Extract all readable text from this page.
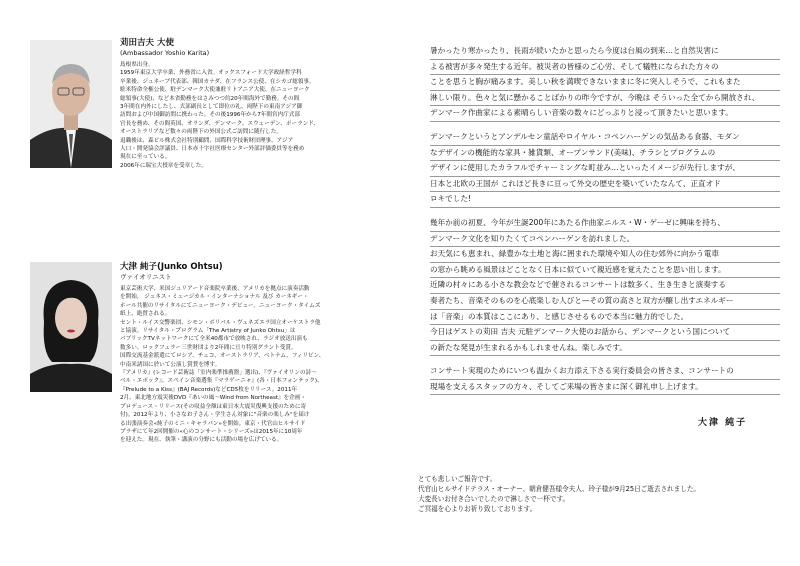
苅田吉夫 大使

(Ambassador Yoshio Karita)

島根県出身。
1959年東京大学卒業、外務省に入省。オックスフォード大学政経哲学科
卒業後、ジュネーブ代表部、韓国カナダ、在フランス公使、在シカゴ総領事、
駐米特命全権公使、駐デンマーク大使兼駐リトアニア大使、在ニューヨーク
総領事(大使)、など本省勤務をはさみつつ約20年間海外で勤務。その間
3年間在内外にしたし、式部副長として即位の礼、両陛下の東南アジア御
訪問および中国御訪問に携わった。その後1996年から7年間宮内庁式部
官長を務め、その間英国、オランダ、デンマーク、スウェーデン、ポーランド、
オーストラリアなど数々の両陛下の外国公式ご訪問に随行した。
退職後は、森ビル株式会社特別顧問、国際科学技術財団理事、アジア
人口・開発協会評議員、日本赤十字社医療センター外部評価委員等を務め
現在に至っている。
2006年に瑞宝大授章を受章した。

大津 純子(Junko Ohtsu)

ヴァイオリニスト

東京芸術大学、米国ジュリアード音楽院卒業後、アメリカを拠点に演奏活動
を開始。 ジュネス・ミュージカル・インターナショナル 及び カーネギー・
ホール共催のリサイタルにてニューヨーク・デビュー。ニューヨーク・タイムズ
紙上、絶賛される。
セント・ルイス交響楽団、シモン・ボリバル・ヴェネズエラ国立オーケストラ他
と協演。リサイタル・プログラム「The Artistry of Junko Ohtsu」は
パブリックTVネットワークにて全米40都市で放映され、ラジオ放送出演も
数多い。ロックフェラー三世財団より2年間に亘り特別グラント受賞。
国際交流基金派遣にてロシア、チェコ、オーストラリア、ベトナム、フィリピン、
中南米諸国に於いて公演し賞賛を博す。
『アメリカ』(レコード芸術誌「室内楽準推薦盤」選出)、『ヴァイオリンの詩〜
ベル・エポック』、スペイン音楽選集『マラゲーニャ』(各・日本フォンテック)、
『Prelude to a Kiss』(BAJ Records)などCD5枚をリリース。2011年
2月、東北地方震災後DVD『あいの風〜Wind from Northeast』を企画・
プロデュース・リリース(その収益全額は東日本大震災復興支援のために寄
付)。2012年より、小さなお子さん・学生さん対象に"音楽の楽しみ"を届け
る出張演奏会«純子のミニ・キャラバン»を開始。東京・代官山ヒルサイド
プラザにて年2回開催の«心のコンサート・シリーズ»は2015年に10周年
を迎えた。現在、執筆・講演の分野にも活動の場を広げている。

暑かったり寒かったり、長雨が続いたかと思ったら今度は台風の到来…と自然災害に
よる被害が多々発生する近年。被災者の皆様のご心労、そして犠牲になられた方々の
ことを思うと胸が痛みます。美しい秋を満喫できないままに冬に突入しそうで、これもまた
淋しい限り。色々と気に懸かることばかりの昨今ですが、今晩は そういった全てから開放され、
デンマーク作曲家による素晴らしい音楽の数々にどっぷりと浸って頂きたいと思います。
デンマークというとアンデルセン童話やロイヤル・コペンハーゲンの気品ある食器、モダン
なデザインの機能的な家具・雑貨類、オープンサンド(美味)、チラシとプログラムの
デザインに使用したカラフルでチャーミングな町並み…といったイメージが先行しますが、
日本と北欧の王国が これほど長きに亘って外交の歴史を築いていたなんて、正直オド
ロキでした!
幾年か前の初夏、今年が生誕200年にあたる作曲家ニルス・W・ゲーゼに興味を持ち、
デンマーク文化を知りたくてコペンハーゲンを訪れました。
お天気にも恵まれ、緑豊かな土地と海に囲まれた環境や知人の住む郊外に向かう電車
の窓から眺める風景はどことなく日本に似ていて親近感を覚えたことを思い出します。
近隣の村々にある小さな教会などで催されるコンサートは数多く、生き生きと演奏する
奏者たち、音楽そのものを心底楽しむ人びと—その質の高さと双方が醸し出すエネルギー
は「音楽」の本質はここにあり、と感じさせるもので本当に魅力的でした。
今日はゲストの苅田 吉夫 元駐デンマーク大使のお話から、デンマークという国について
の新たな発見が生まれるかもしれませんね。楽しみです。
コンサート実現のためにいつも温かくお力添え下さる実行委員会の皆さま、コンサートの
現場を支えるスタッフの方々、そしてご来場の皆さまに深く御礼申し上げます。
大津 純子
とても悲しいご報告です。
代官山ヒルサイドテラス・オーナー、朝倉健吾様令夫人、玲子様が9月25日ご逝去されました。
大変長いお付き合いでしたので淋しさで一杯です。
ご冥福を心よりお祈り致しております。
